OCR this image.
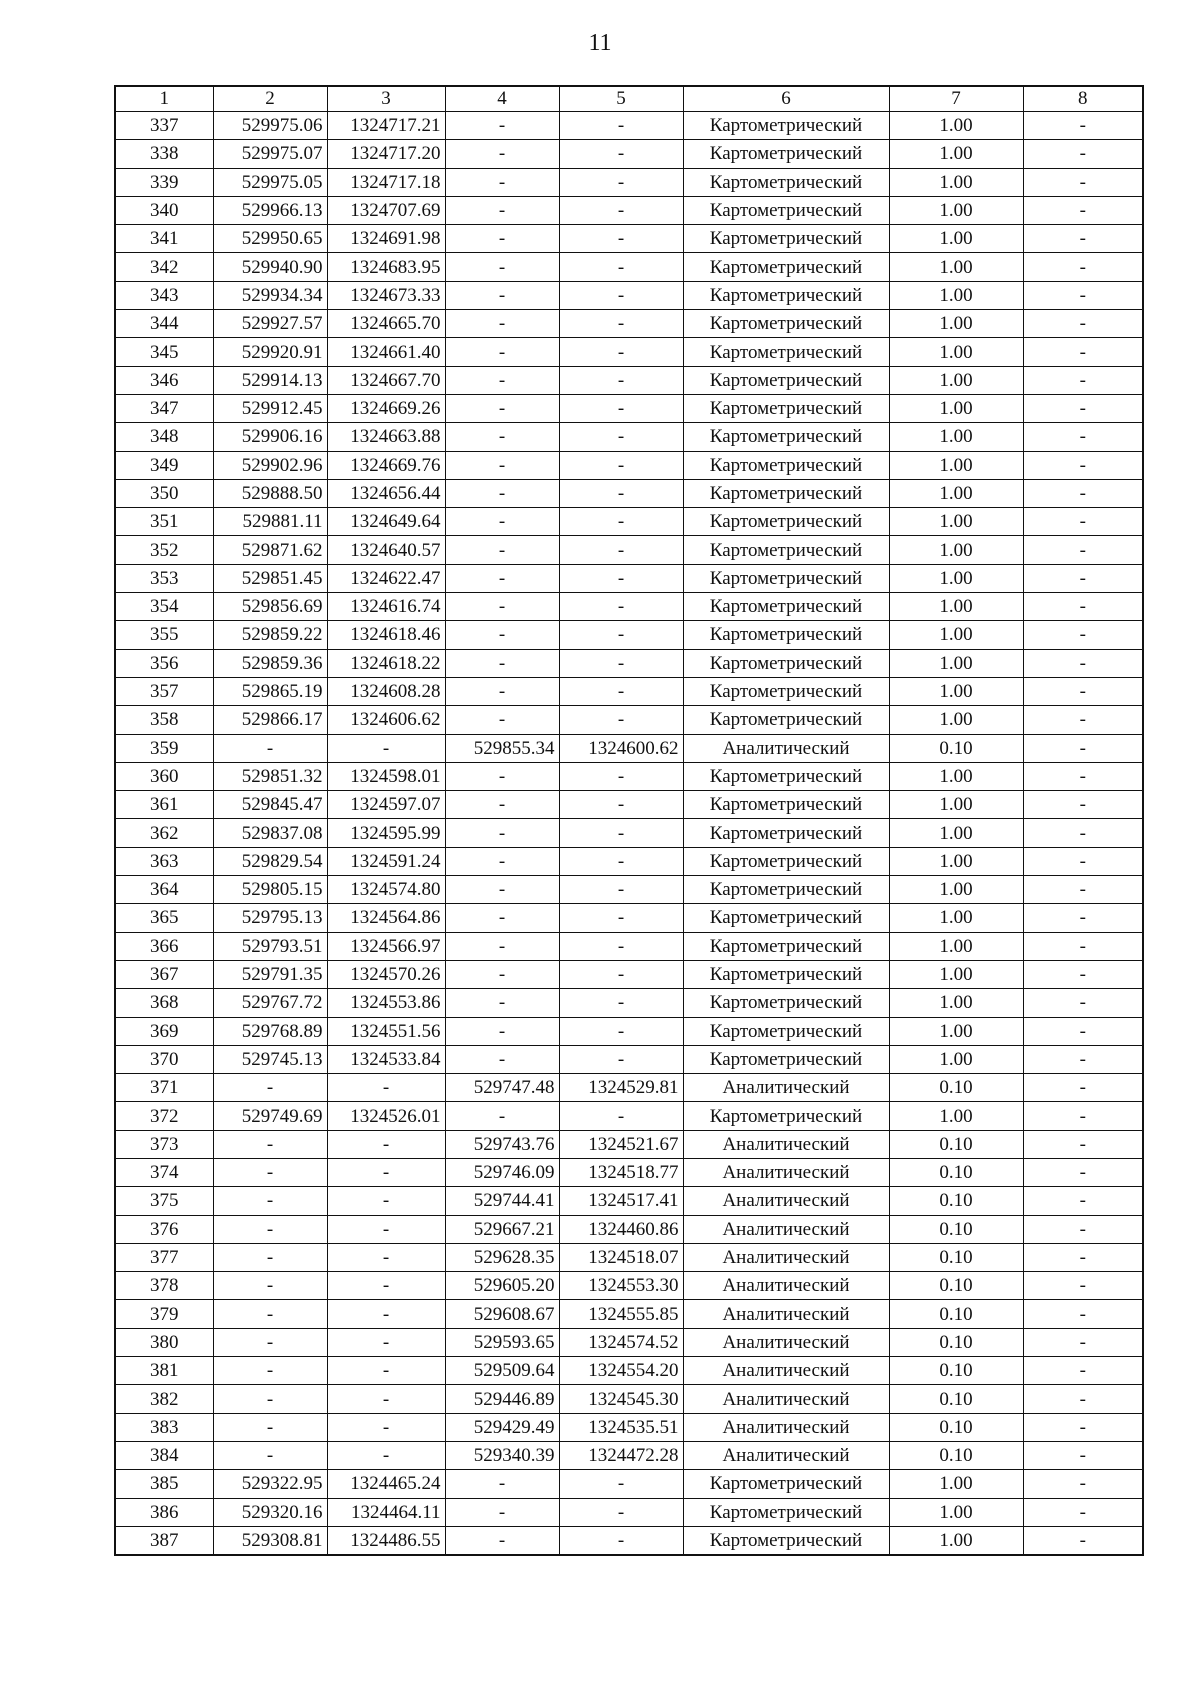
11
1	2	3	4	5	6	7	8
337	529975.06	1324717.21	-	-	Картометрический	1.00	-
338	529975.07	1324717.20	-	-	Картометрический	1.00	-
339	529975.05	1324717.18	-	-	Картометрический	1.00	-
340	529966.13	1324707.69	-	-	Картометрический	1.00	-
341	529950.65	1324691.98	-	-	Картометрический	1.00	-
342	529940.90	1324683.95	-	-	Картометрический	1.00	-
343	529934.34	1324673.33	-	-	Картометрический	1.00	-
344	529927.57	1324665.70	-	-	Картометрический	1.00	-
345	529920.91	1324661.40	-	-	Картометрический	1.00	-
346	529914.13	1324667.70	-	-	Картометрический	1.00	-
347	529912.45	1324669.26	-	-	Картометрический	1.00	-
348	529906.16	1324663.88	-	-	Картометрический	1.00	-
349	529902.96	1324669.76	-	-	Картометрический	1.00	-
350	529888.50	1324656.44	-	-	Картометрический	1.00	-
351	529881.11	1324649.64	-	-	Картометрический	1.00	-
352	529871.62	1324640.57	-	-	Картометрический	1.00	-
353	529851.45	1324622.47	-	-	Картометрический	1.00	-
354	529856.69	1324616.74	-	-	Картометрический	1.00	-
355	529859.22	1324618.46	-	-	Картометрический	1.00	-
356	529859.36	1324618.22	-	-	Картометрический	1.00	-
357	529865.19	1324608.28	-	-	Картометрический	1.00	-
358	529866.17	1324606.62	-	-	Картометрический	1.00	-
359	-	-	529855.34	1324600.62	Аналитический	0.10	-
360	529851.32	1324598.01	-	-	Картометрический	1.00	-
361	529845.47	1324597.07	-	-	Картометрический	1.00	-
362	529837.08	1324595.99	-	-	Картометрический	1.00	-
363	529829.54	1324591.24	-	-	Картометрический	1.00	-
364	529805.15	1324574.80	-	-	Картометрический	1.00	-
365	529795.13	1324564.86	-	-	Картометрический	1.00	-
366	529793.51	1324566.97	-	-	Картометрический	1.00	-
367	529791.35	1324570.26	-	-	Картометрический	1.00	-
368	529767.72	1324553.86	-	-	Картометрический	1.00	-
369	529768.89	1324551.56	-	-	Картометрический	1.00	-
370	529745.13	1324533.84	-	-	Картометрический	1.00	-
371	-	-	529747.48	1324529.81	Аналитический	0.10	-
372	529749.69	1324526.01	-	-	Картометрический	1.00	-
373	-	-	529743.76	1324521.67	Аналитический	0.10	-
374	-	-	529746.09	1324518.77	Аналитический	0.10	-
375	-	-	529744.41	1324517.41	Аналитический	0.10	-
376	-	-	529667.21	1324460.86	Аналитический	0.10	-
377	-	-	529628.35	1324518.07	Аналитический	0.10	-
378	-	-	529605.20	1324553.30	Аналитический	0.10	-
379	-	-	529608.67	1324555.85	Аналитический	0.10	-
380	-	-	529593.65	1324574.52	Аналитический	0.10	-
381	-	-	529509.64	1324554.20	Аналитический	0.10	-
382	-	-	529446.89	1324545.30	Аналитический	0.10	-
383	-	-	529429.49	1324535.51	Аналитический	0.10	-
384	-	-	529340.39	1324472.28	Аналитический	0.10	-
385	529322.95	1324465.24	-	-	Картометрический	1.00	-
386	529320.16	1324464.11	-	-	Картометрический	1.00	-
387	529308.81	1324486.55	-	-	Картометрический	1.00	-
